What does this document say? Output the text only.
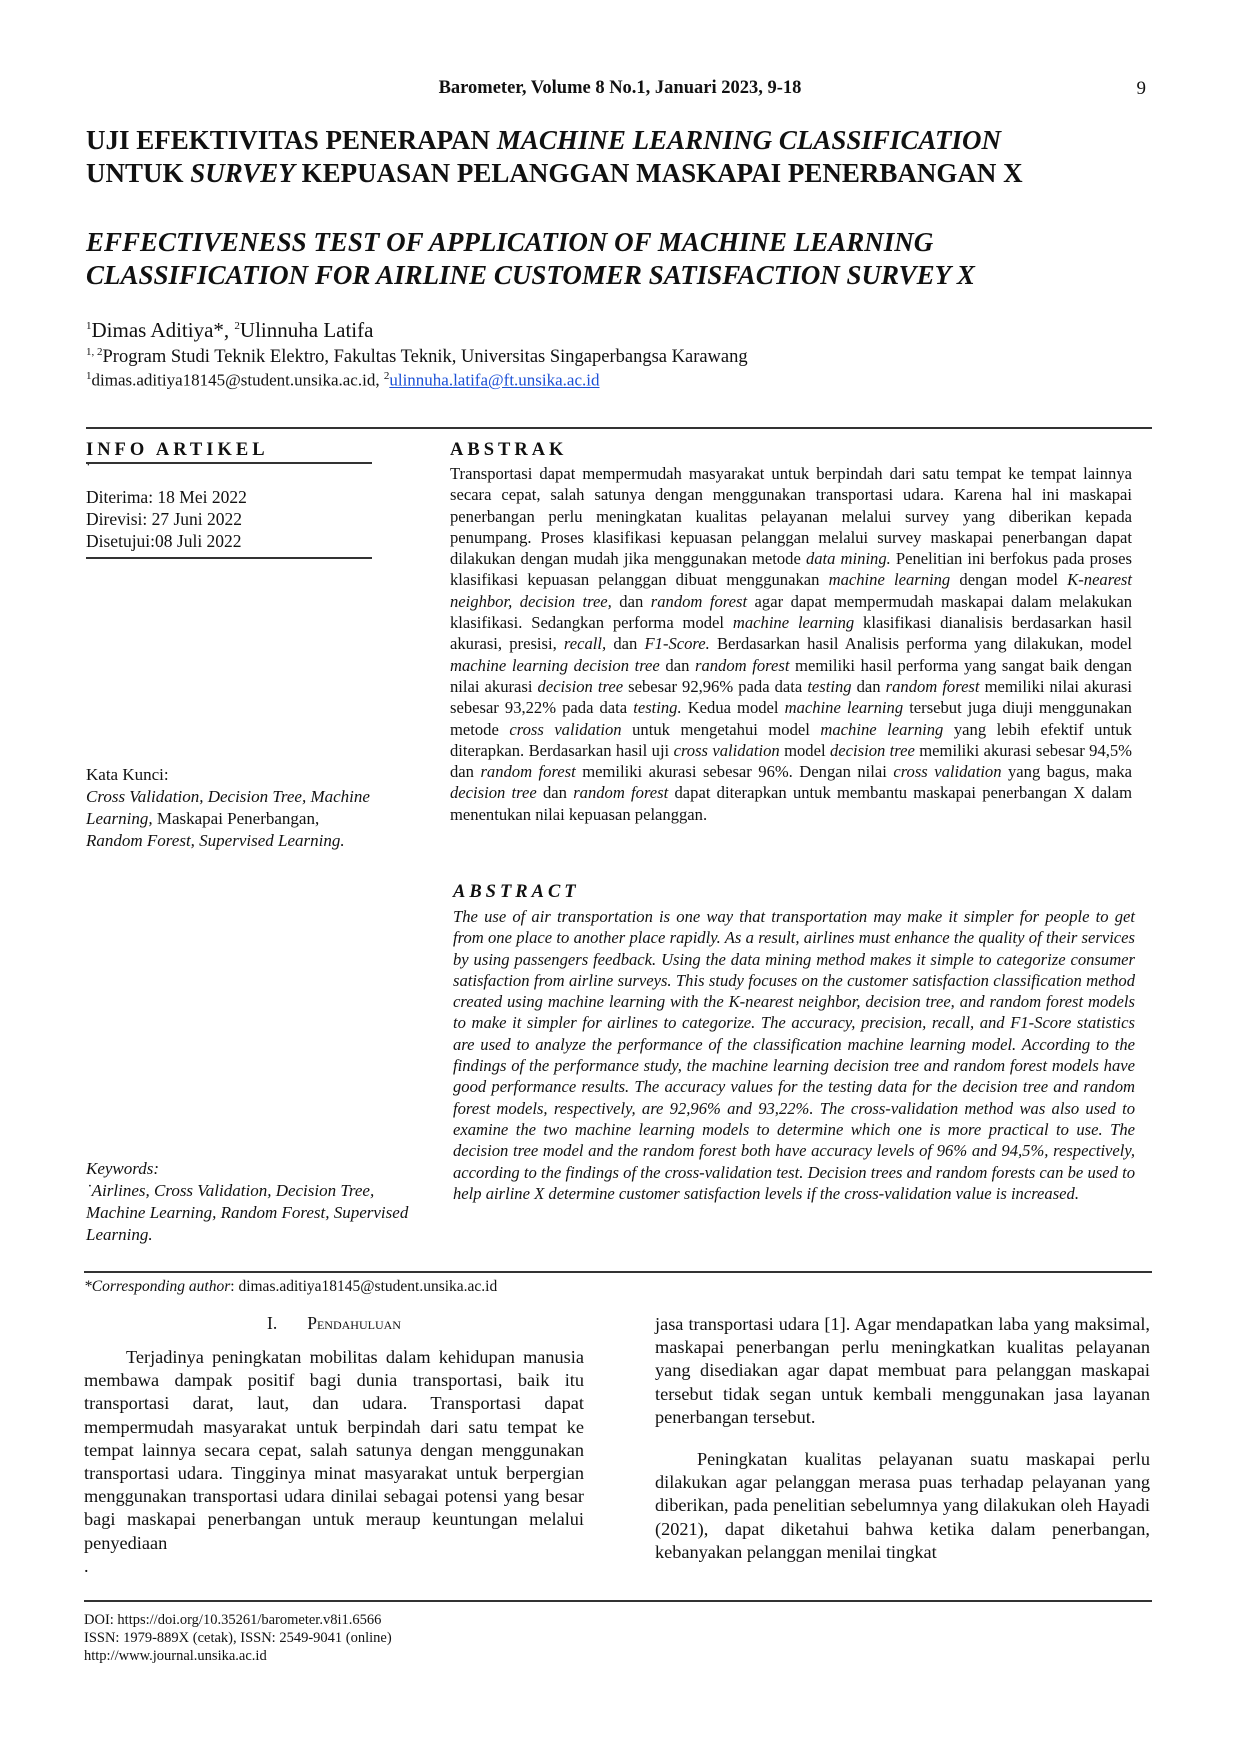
Barometer, Volume 8 No.1, Januari 2023, 9-18	9
UJI EFEKTIVITAS PENERAPAN MACHINE LEARNING CLASSIFICATION
UNTUK SURVEY KEPUASAN PELANGGAN MASKAPAI PENERBANGAN X
EFFECTIVENESS TEST OF APPLICATION OF MACHINE LEARNING
CLASSIFICATION FOR AIRLINE CUSTOMER SATISFACTION SURVEY X
$^1$Dimas Aditiya*, $^2$Ulinnuha Latifa
$^{1, 2}$Program Studi Teknik Elektro, Fakultas Teknik, Universitas Singaperbangsa Karawang
$^1$dimas.aditiya18145@student.unsika.ac.id, $^2$ulinnuha.latifa@ft.unsika.ac.id
INFO ARTIKEL
˙
Diterima: 18 Mei 2022
Direvisi: 27 Juni 2022
Disetujui:08 Juli 2022
Kata Kunci:
Cross Validation, Decision Tree, Machine Learning, Maskapai Penerbangan,
Random Forest, Supervised Learning.
ABSTRAK
Transportasi dapat mempermudah masyarakat untuk berpindah dari satu tempat ke tempat lainnya secara cepat, salah satunya dengan menggunakan transportasi udara. Karena hal ini maskapai penerbangan perlu meningkatan kualitas pelayanan melalui survey yang diberikan kepada penumpang. Proses klasifikasi kepuasan pelanggan melalui survey maskapai penerbangan dapat dilakukan dengan mudah jika menggunakan metode data mining. Penelitian ini berfokus pada proses klasifikasi kepuasan pelanggan dibuat menggunakan machine learning dengan model K-nearest neighbor, decision tree, dan random forest agar dapat mempermudah maskapai dalam melakukan klasifikasi. Sedangkan performa model machine learning klasifikasi dianalisis berdasarkan hasil akurasi, presisi, recall, dan F1-Score. Berdasarkan hasil Analisis performa yang dilakukan, model machine learning decision tree dan random forest memiliki hasil performa yang sangat baik dengan nilai akurasi decision tree sebesar 92,96% pada data testing dan random forest memiliki nilai akurasi sebesar 93,22% pada data testing. Kedua model machine learning tersebut juga diuji menggunakan metode cross validation untuk mengetahui model machine learning yang lebih efektif untuk diterapkan. Berdasarkan hasil uji cross validation model decision tree memiliki akurasi sebesar 94,5% dan random forest memiliki akurasi sebesar 96%. Dengan nilai cross validation yang bagus, maka decision tree dan random forest dapat diterapkan untuk membantu maskapai penerbangan X dalam menentukan nilai kepuasan pelanggan.
ABSTRACT
The use of air transportation is one way that transportation may make it simpler for people to get from one place to another place rapidly. As a result, airlines must enhance the quality of their services by using passengers feedback. Using the data mining method makes it simple to categorize consumer satisfaction from airline surveys. This study focuses on the customer satisfaction classification method created using machine learning with the K-nearest neighbor, decision tree, and random forest models to make it simpler for airlines to categorize. The accuracy, precision, recall, and F1-Score statistics are used to analyze the performance of the classification machine learning model. According to the findings of the performance study, the machine learning decision tree and random forest models have good performance results. The accuracy values for the testing data for the decision tree and random forest models, respectively, are 92,96% and 93,22%. The cross-validation method was also used to examine the two machine learning models to determine which one is more practical to use. The decision tree model and the random forest both have accuracy levels of 96% and 94,5%, respectively, according to the findings of the cross-validation test. Decision trees and random forests can be used to help airline X determine customer satisfaction levels if the cross-validation value is increased.
Keywords:
˙Airlines, Cross Validation, Decision Tree, Machine Learning, Random Forest, Supervised Learning.
*Corresponding author: dimas.aditiya18145@student.unsika.ac.id
I. Pendahuluan

Terjadinya peningkatan mobilitas dalam kehidupan manusia membawa dampak positif bagi dunia transportasi, baik itu transportasi darat, laut, dan udara. Transportasi dapat mempermudah masyarakat untuk berpindah dari satu tempat ke tempat lainnya secara cepat, salah satunya dengan menggunakan transportasi udara. Tingginya minat masyarakat untuk berpergian menggunakan transportasi udara dinilai sebagai potensi yang besar bagi maskapai penerbangan untuk meraup keuntungan melalui penyediaan

.

jasa transportasi udara [1]. Agar mendapatkan laba yang maksimal, maskapai penerbangan perlu meningkatkan kualitas pelayanan yang disediakan agar dapat membuat para pelanggan maskapai tersebut tidak segan untuk kembali menggunakan jasa layanan penerbangan tersebut.

Peningkatan kualitas pelayanan suatu maskapai perlu dilakukan agar pelanggan merasa puas terhadap pelayanan yang diberikan, pada penelitian sebelumnya yang dilakukan oleh Hayadi (2021), dapat diketahui bahwa ketika dalam penerbangan, kebanyakan pelanggan menilai tingkat

DOI: https://doi.org/10.35261/barometer.v8i1.6566
ISSN: 1979-889X (cetak), ISSN: 2549-9041 (online)
http://www.journal.unsika.ac.id
